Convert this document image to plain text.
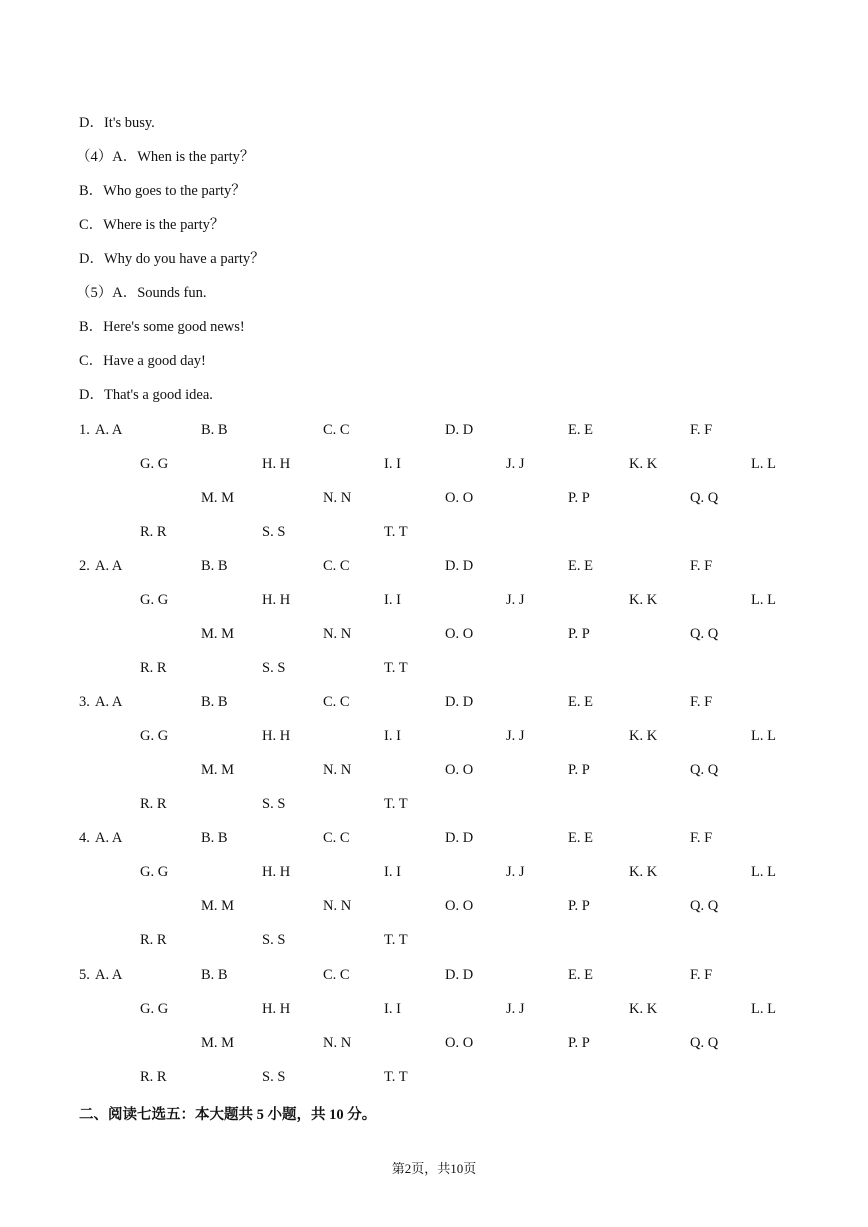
D．It's busy.
（4）A．When is the party？
B．Who goes to the party？
C．Where is the party？
D．Why do you have a party？
（5）A．Sounds fun.
B．Here's some good news!
C．Have a good day!
D．That's a good idea.
1. A. A	B. B	C. C	D. D	E. E	F. F
G. G	H. H	I. I	J. J	K. K	L. L
M. M	N. N	O. O	P. P	Q. Q
R. R	S. S	T. T
2. A. A	B. B	C. C	D. D	E. E	F. F
G. G	H. H	I. I	J. J	K. K	L. L
M. M	N. N	O. O	P. P	Q. Q
R. R	S. S	T. T
3. A. A	B. B	C. C	D. D	E. E	F. F
G. G	H. H	I. I	J. J	K. K	L. L
M. M	N. N	O. O	P. P	Q. Q
R. R	S. S	T. T
4. A. A	B. B	C. C	D. D	E. E	F. F
G. G	H. H	I. I	J. J	K. K	L. L
M. M	N. N	O. O	P. P	Q. Q
R. R	S. S	T. T
5. A. A	B. B	C. C	D. D	E. E	F. F
G. G	H. H	I. I	J. J	K. K	L. L
M. M	N. N	O. O	P. P	Q. Q
R. R	S. S	T. T
二、阅读七选五：本大题共 5 小题，共 10 分。
第2页，共10页
